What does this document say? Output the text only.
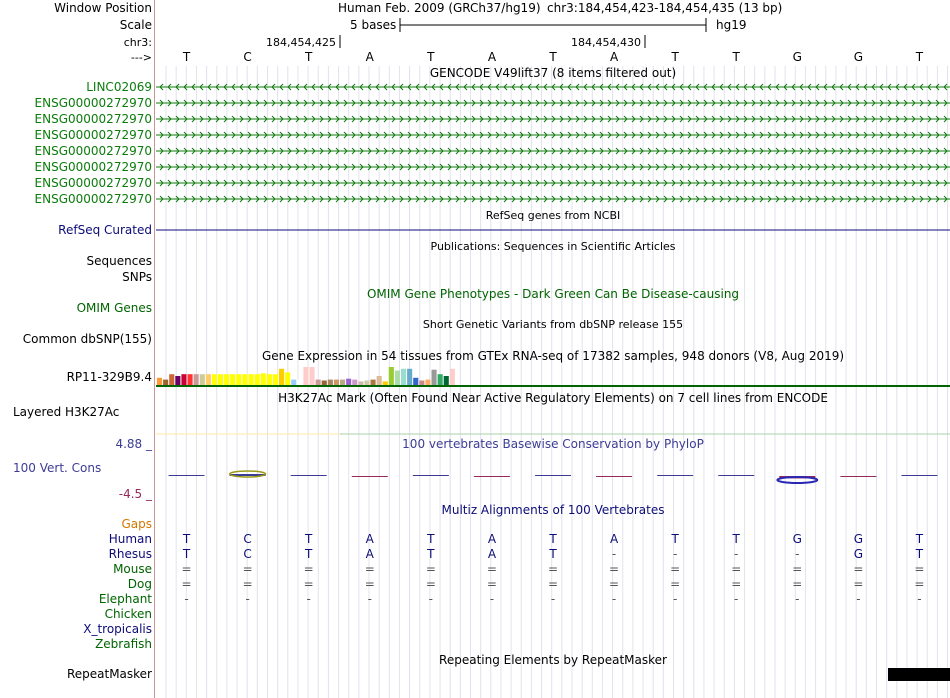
Window Position	Human Feb. 2009 (GRCh37/hg19) chr3:184,454,423-184,454,435 (13 bp)
Scale	5 bases	hg19
chr3:	184,454,425	184,454,430
--->	T	C	T	A	T	A	T	A	T	T	G	G	T
GENCODE V49lift37 (8 items filtered out)
LINC02069
ENSG00000272970
ENSG00000272970
ENSG00000272970
ENSG00000272970
ENSG00000272970
ENSG00000272970
ENSG00000272970
RefSeq genes from NCBI
RefSeq Curated
Publications: Sequences in Scientific Articles
Sequences
SNPs
OMIM Gene Phenotypes - Dark Green Can Be Disease-causing
OMIM Genes
Short Genetic Variants from dbSNP release 155
Common dbSNP(155)
Gene Expression in 54 tissues from GTEx RNA-seq of 17382 samples, 948 donors (V8, Aug 2019)
RP11-329B9.4
H3K27Ac Mark (Often Found Near Active Regulatory Elements) on 7 cell lines from ENCODE
Layered H3K27Ac
100 vertebrates Basewise Conservation by PhyloP
4.88 _
100 Vert. Cons
-4.5 _
Multiz Alignments of 100 Vertebrates
Gaps
Human	T	C	T	A	T	A	T	A	T	T	G	G	T
Rhesus	T	C	T	A	T	A	T	-	-	-	-	G	T
Mouse =	=	=	=	=	=	=	=	=	=	=	=	=
Dog =	=	=	=	=	=	=	=	=	=	=	=	=
Elephant	-	-	-	-	-	-	-	-	-	-	-	-	-
Chicken
X_tropicalis
Zebrafish
Repeating Elements by RepeatMasker
RepeatMasker
